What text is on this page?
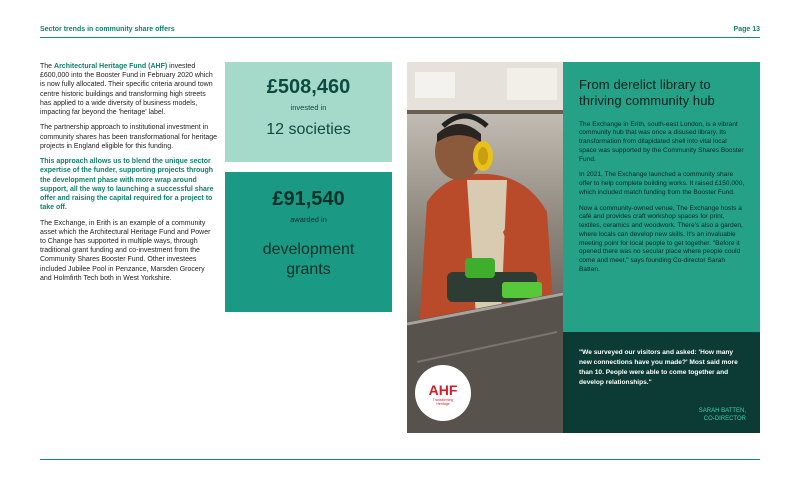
Sector trends in community share offers	Page 13

The Architectural Heritage Fund (AHF) invested £600,000 into the Booster Fund in February 2020 which is now fully allocated. Their specific criteria around town centre historic buildings and transforming high streets has applied to a wide diversity of business models, impacting far beyond the 'heritage' label.

The partnership approach to institutional investment in community shares has been transformational for heritage projects in England eligible for this funding.

This approach allows us to blend the unique sector expertise of the funder, supporting projects through the development phase with more wrap around support, all the way to launching a successful share offer and raising the capital required for a project to take off.

The Exchange, in Erith is an example of a community asset which the Architectural Heritage Fund and Power to Change has supported in multiple ways, through traditional grant funding and co-investment from the Community Shares Booster Fund. Other investees included Jubilee Pool in Penzance, Marsden Grocery and Holmfirth Tech both in West Yorkshire.

£508,460
invested in
12 societies
£91,540
awarded in
development
grants
AHF
Transforming
Heritage
From derelict library to thriving community hub

The Exchange in Erith, south-east London, is a vibrant community hub that was once a disused library. Its transformation from dilapidated shell into vital local space was supported by the Community Shares Booster Fund.

In 2021, The Exchange launched a community share offer to help complete building works. It raised £150,000, which included match funding from the Booster Fund.

Now a community-owned venue, The Exchange hosts a café and provides craft workshop spaces for print, textiles, ceramics and woodwork. There's also a garden, where locals can develop new skills. It's an invaluable meeting point for local people to get together. "Before it opened there was no secular place where people could come and meet," says founding Co-director Sarah Batten.

"We surveyed our visitors and asked: 'How many new connections have you made?' Most said more than 10. People were able to come together and develop relationships."
SARAH BATTEN,
CO-DIRECTOR
